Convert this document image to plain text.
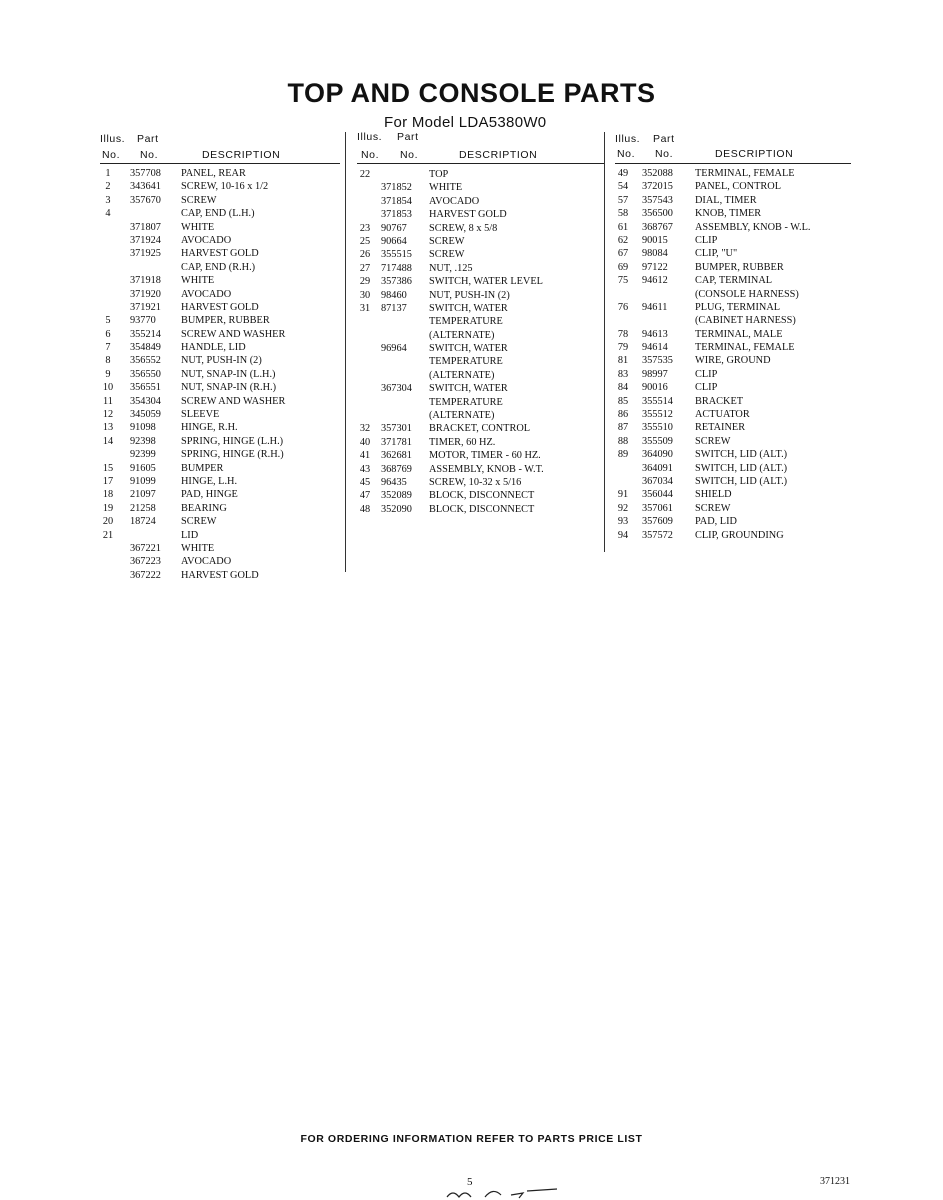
TOP AND CONSOLE PARTS
For Model LDA5380W0
Illus. Part
No. No.	DESCRIPTION
1	357708 PANEL, REAR
2	343641 SCREW, 10-16 x 1/2
3	357670 SCREW
4	CAP, END (L.H.)
371807 WHITE
371924 AVOCADO
371925 HARVEST GOLD
CAP, END (R.H.)
371918 WHITE
371920 AVOCADO
371921 HARVEST GOLD
5	93770 BUMPER, RUBBER
6	355214 SCREW AND WASHER
7	354849 HANDLE, LID
8	356552 NUT, PUSH-IN (2)
9	356550 NUT, SNAP-IN (L.H.)
10 356551 NUT, SNAP-IN (R.H.)
11 354304 SCREW AND WASHER
12 345059 SLEEVE
13 91098 HINGE, R.H.
14 92398 SPRING, HINGE (L.H.)
92399 SPRING, HINGE (R.H.)
15 91605 BUMPER
17 91099 HINGE, L.H.
18 21097 PAD, HINGE
19 21258 BEARING
20 18724 SCREW
21	LID
367221 WHITE
367223 AVOCADO
367222 HARVEST GOLD
Illus. Part
No. No.	DESCRIPTION
22	TOP
371852 WHITE
371854 AVOCADO
371853 HARVEST GOLD
23 90767 SCREW, 8 x 5/8
25 90664 SCREW
26 355515 SCREW
27 717488 NUT, .125
29 357386 SWITCH, WATER LEVEL
30 98460 NUT, PUSH-IN (2)
31 87137 SWITCH, WATER
TEMPERATURE
(ALTERNATE)
96964 SWITCH, WATER
TEMPERATURE
(ALTERNATE)
367304 SWITCH, WATER
TEMPERATURE
(ALTERNATE)
32 357301 BRACKET, CONTROL
40 371781 TIMER, 60 HZ.
41 362681 MOTOR, TIMER - 60 HZ.
43 368769 ASSEMBLY, KNOB - W.T.
45 96435 SCREW, 10-32 x 5/16
47 352089 BLOCK, DISCONNECT
48 352090 BLOCK, DISCONNECT
Illus. Part
No. No.	DESCRIPTION
49 352088 TERMINAL, FEMALE
54 372015 PANEL, CONTROL
57 357543 DIAL, TIMER
58 356500 KNOB, TIMER
61 368767 ASSEMBLY, KNOB - W.L.
62 90015	CLIP
67 98084	CLIP, "U"
69 97122	BUMPER, RUBBER
75 94612	CAP, TERMINAL
(CONSOLE HARNESS)
76 94611	PLUG, TERMINAL
(CABINET HARNESS)
78 94613	TERMINAL, MALE
79 94614	TERMINAL, FEMALE
81 357535 WIRE, GROUND
83 98997	CLIP
84 90016	CLIP
85 355514 BRACKET
86 355512 ACTUATOR
87 355510 RETAINER
88 355509 SCREW
89 364090 SWITCH, LID (ALT.)
364091 SWITCH, LID (ALT.)
367034 SWITCH, LID (ALT.)
91 356044 SHIELD
92 357061 SCREW
93 357609 PAD, LID
94 357572 CLIP, GROUNDING
FOR ORDERING INFORMATION REFER TO PARTS PRICE LIST
5	371231
